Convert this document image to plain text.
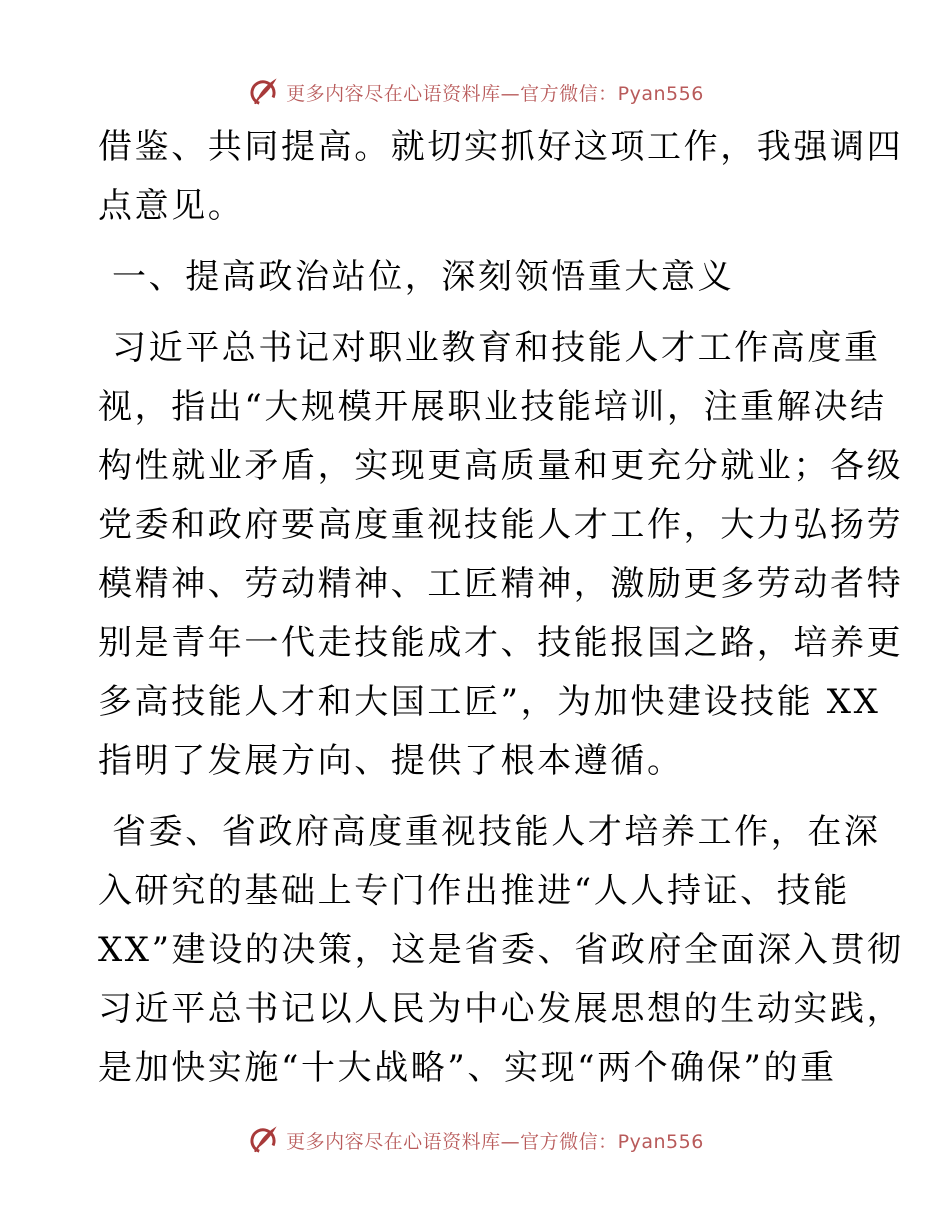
更多内容尽在心语资料库—官方微信：Pyan556

借鉴、共同提高。就切实抓好这项工作，我强调四
点意见。

一、提高政治站位，深刻领悟重大意义

习近平总书记对职业教育和技能人才工作高度重
视，指出“大规模开展职业技能培训，注重解决结
构性就业矛盾，实现更高质量和更充分就业；各级
党委和政府要高度重视技能人才工作，大力弘扬劳
模精神、劳动精神、工匠精神，激励更多劳动者特
别是青年一代走技能成才、技能报国之路，培养更
多高技能人才和大国工匠”，为加快建设技能 XX
指明了发展方向、提供了根本遵循。

省委、省政府高度重视技能人才培养工作，在深
入研究的基础上专门作出推进“人人持证、技能
XX”建设的决策，这是省委、省政府全面深入贯彻
习近平总书记以人民为中心发展思想的生动实践，
是加快实施“十大战略”、实现“两个确保”的重

更多内容尽在心语资料库—官方微信：Pyan556
